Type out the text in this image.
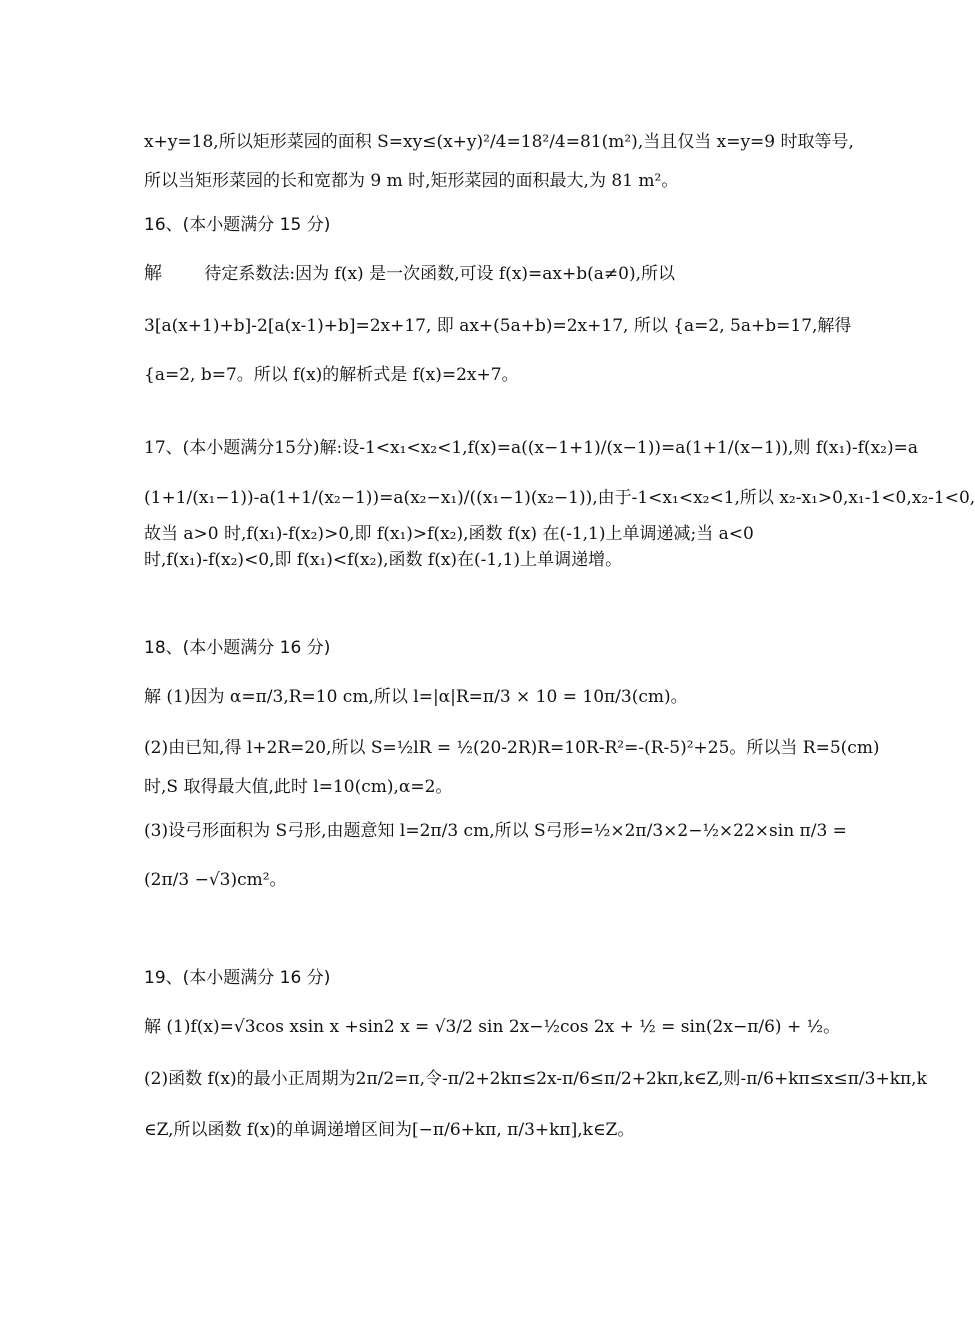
x+y=18,所以矩形菜园的面积 S=xy≤(x+y)²/4=18²/4=81(m²),当且仅当 x=y=9 时取等号,
所以当矩形菜园的长和宽都为 9 m 时,矩形菜园的面积最大,为 81 m²。
16、(本小题满分 15 分)
解 待定系数法:因为 f(x) 是一次函数,可设 f(x)=ax+b(a≠0),所以
3[a(x+1)+b]-2[a(x-1)+b]=2x+17, 即 ax+(5a+b)=2x+17, 所以 {a=2, 5a+b=17,解得
{a=2, b=7。所以 f(x)的解析式是 f(x)=2x+7。
17、(本小题满分15分)解:设-1<x₁<x₂<1,f(x)=a((x−1+1)/(x−1))=a(1+1/(x−1)),则 f(x₁)-f(x₂)=a
(1+1/(x₁−1))-a(1+1/(x₂−1))=a(x₂−x₁)/((x₁−1)(x₂−1)),由于-1<x₁<x₂<1,所以 x₂-x₁>0,x₁-1<0,x₂-1<0,
故当 a>0 时,f(x₁)-f(x₂)>0,即 f(x₁)>f(x₂),函数 f(x) 在(-1,1)上单调递减;当 a<0
时,f(x₁)-f(x₂)<0,即 f(x₁)<f(x₂),函数 f(x)在(-1,1)上单调递增。
18、(本小题满分 16 分)
解 (1)因为 α=π/3,R=10 cm,所以 l=|α|R=π/3 × 10 = 10π/3(cm)。
(2)由已知,得 l+2R=20,所以 S=½lR = ½(20-2R)R=10R-R²=-(R-5)²+25。所以当 R=5(cm)
时,S 取得最大值,此时 l=10(cm),α=2。
(3)设弓形面积为 S弓形,由题意知 l=2π/3 cm,所以 S弓形=½×2π/3×2−½×22×sin π/3 =
(2π/3 −√3)cm²。
19、(本小题满分 16 分)
解 (1)f(x)=√3cos xsin x +sin2 x = √3/2 sin 2x−½cos 2x + ½ = sin(2x−π/6) + ½。
(2)函数 f(x)的最小正周期为2π/2=π,令-π/2+2kπ≤2x-π/6≤π/2+2kπ,k∈Z,则-π/6+kπ≤x≤π/3+kπ,k
∈Z,所以函数 f(x)的单调递增区间为[−π/6+kπ, π/3+kπ],k∈Z。
